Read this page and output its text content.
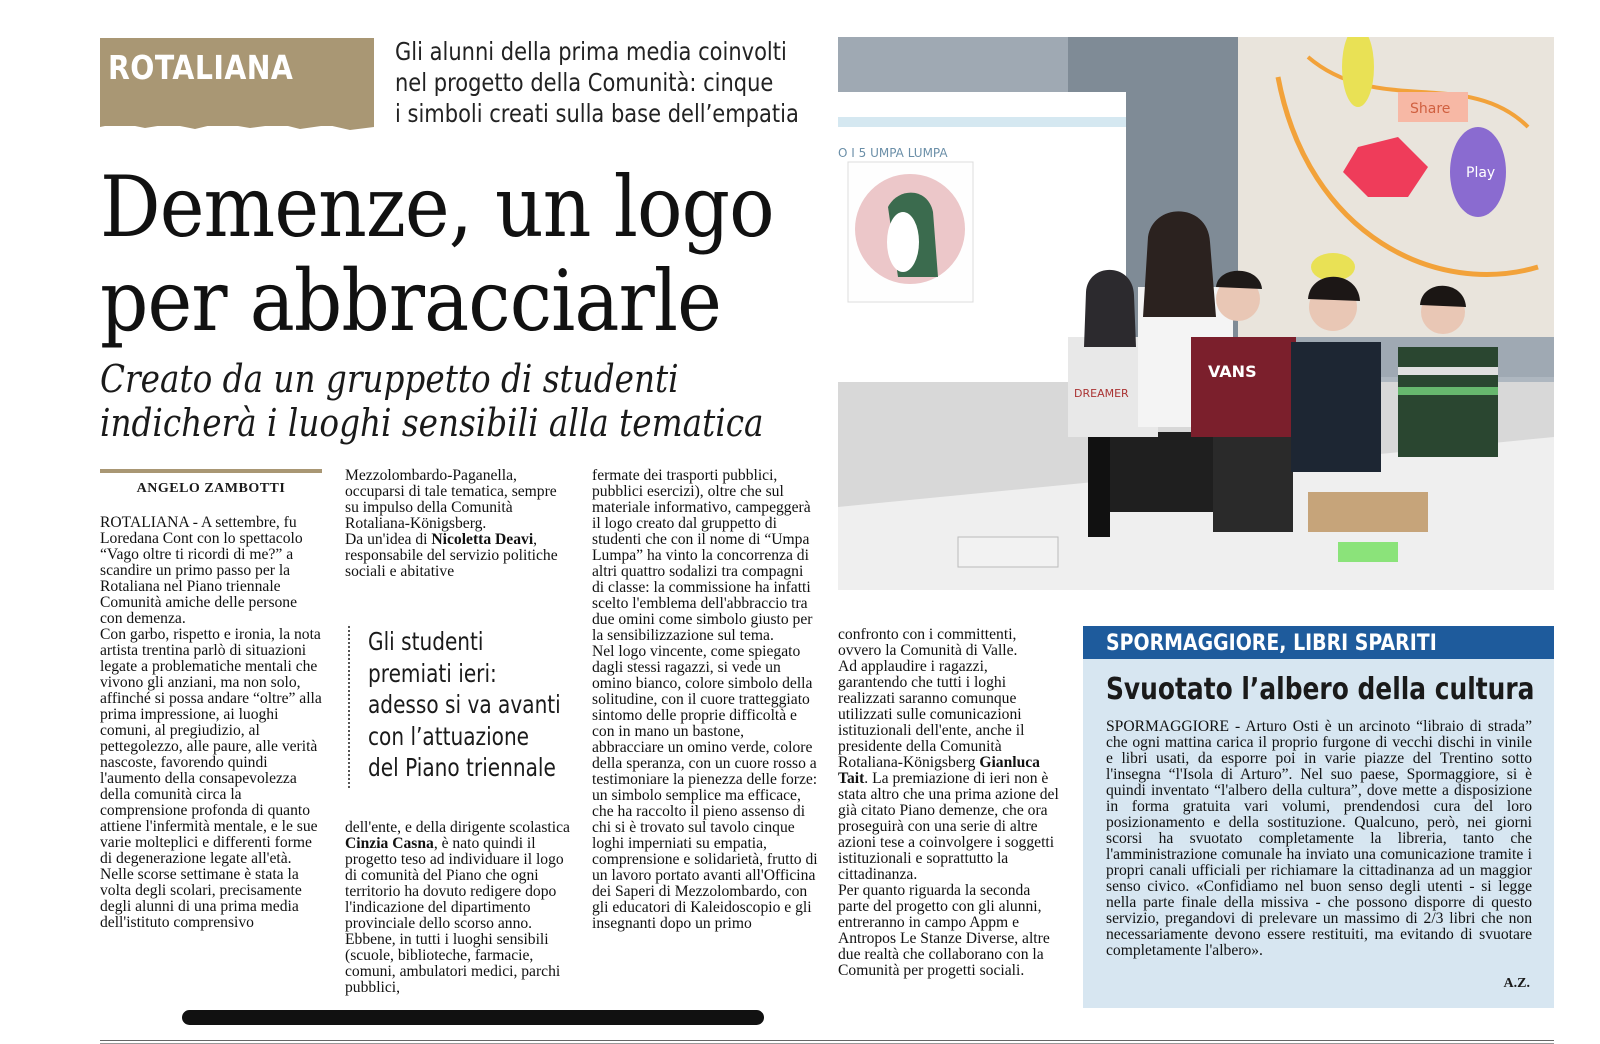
ROTALIANA	Gli alunni della prima media coinvolti
nel progetto della Comunità: cinque
i simboli creati sulla base dell’empatia
Demenze, un logo
per abbracciarle
Creato da un gruppetto di studenti
indicherà i luoghi sensibili alla tematica
ANGELO ZAMBOTTI

ROTALIANA - A settembre, fu Loredana Cont con lo spettacolo “Vago oltre ti ricordi di me?” a scandire un primo passo per la Rotaliana nel Piano triennale Comunità amiche delle persone con demenza.

Con garbo, rispetto e ironia, la nota artista trentina parlò di situazioni legate a problematiche mentali che vivono gli anziani, ma non solo, affinché si possa andare “oltre” alla prima impressione, ai luoghi comuni, al pregiudizio, al pettegolezzo, alle paure, alle verità nascoste, favorendo quindi l'aumento della consapevolezza della comunità circa la comprensione profonda di quanto attiene l'infermità mentale, e le sue varie molteplici e differenti forme di degenerazione legate all'età.

Nelle scorse settimane è stata la volta degli scolari, precisamente degli alunni di una prima media dell'istituto comprensivo

Mezzolombardo-Paganella, occuparsi di tale tematica, sempre su impulso della Comunità Rotaliana-Königsberg.

Da un'idea di Nicoletta Deavi, responsabile del servizio politiche sociali e abitative

Gli studenti
premiati ieri:
adesso si va avanti
con l’attuazione
del Piano triennale

dell'ente, e della dirigente scolastica Cinzia Casna, è nato quindi il progetto teso ad individuare il logo di comunità del Piano che ogni territorio ha dovuto redigere dopo l'indicazione del dipartimento provinciale dello scorso anno.

Ebbene, in tutti i luoghi sensibili (scuole, biblioteche, farmacie, comuni, ambulatori medici, parchi pubblici,

fermate dei trasporti pubblici, pubblici esercizi), oltre che sul materiale informativo, campeggerà il logo creato dal gruppetto di studenti che con il nome di “Umpa Lumpa” ha vinto la concorrenza di altri quattro sodalizi tra compagni di classe: la commissione ha infatti scelto l'emblema dell'abbraccio tra due omini come simbolo giusto per la sensibilizzazione sul tema.

Nel logo vincente, come spiegato dagli stessi ragazzi, si vede un omino bianco, colore simbolo della solitudine, con il cuore tratteggiato sintomo delle proprie difficoltà e con in mano un bastone, abbracciare un omino verde, colore della speranza, con un cuore rosso a testimoniare la pienezza delle forze: un simbolo semplice ma efficace, che ha raccolto il pieno assenso di chi si è trovato sul tavolo cinque loghi imperniati su empatia, comprensione e solidarietà, frutto di un lavoro portato avanti all'Officina dei Saperi di Mezzolombardo, con gli educatori di Kaleidoscopio e gli insegnanti dopo un primo

confronto con i committenti, ovvero la Comunità di Valle.

Ad applaudire i ragazzi, garantendo che tutti i loghi realizzati saranno comunque utilizzati sulle comunicazioni istituzionali dell'ente, anche il presidente della Comunità Rotaliana-Königsberg Gianluca Tait. La premiazione di ieri non è stata altro che una prima azione del già citato Piano demenze, che ora proseguirà con una serie di altre azioni tese a coinvolgere i soggetti istituzionali e soprattutto la cittadinanza.

Per quanto riguarda la seconda parte del progetto con gli alunni, entreranno in campo Appm e Antropos Le Stanze Diverse, altre due realtà che collaborano con la Comunità per progetti sociali.

Share
Play
O I 5 UMPA LUMPA
DREAMER
VANS
SPORMAGGIORE, LIBRI SPARITI
Svuotato l’albero della cultura
SPORMAGGIORE - Arturo Osti è un arcinoto “libraio di strada” che ogni mattina carica il proprio furgone di vecchi dischi in vinile e libri usati, da esporre poi in varie piazze del Trentino sotto l'insegna “l'Isola di Arturo”. Nel suo paese, Spormaggiore, si è quindi inventato “l'albero della cultura”, dove mette a disposizione in forma gratuita vari volumi, prendendosi cura del loro posizionamento e della sostituzione. Qualcuno, però, nei giorni scorsi ha svuotato completamente la libreria, tanto che l'amministrazione comunale ha inviato una comunicazione tramite i propri canali ufficiali per richiamare la cittadinanza ad un maggior senso civico. «Confidiamo nel buon senso degli utenti - si legge nella parte finale della missiva - che possono disporre di questo servizio, pregandovi di prelevare un massimo di 2/3 libri che non necessariamente devono essere restituiti, ma evitando di svuotare completamente l'albero».
A.Z.
